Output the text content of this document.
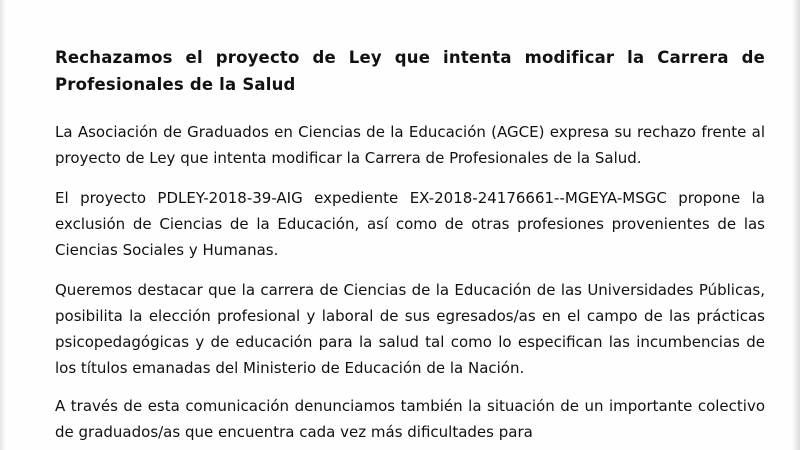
Rechazamos el proyecto de Ley que intenta modificar la Carrera de Profesionales de la Salud

La Asociación de Graduados en Ciencias de la Educación (AGCE) expresa su rechazo frente al proyecto de Ley que intenta modificar la Carrera de Profesionales de la Salud.

El proyecto PDLEY-2018-39-AIG expediente EX-2018-24176661--MGEYA-MSGC propone la exclusión de Ciencias de la Educación, así como de otras profesiones provenientes de las Ciencias Sociales y Humanas.

Queremos destacar que la carrera de Ciencias de la Educación de las Universidades Públicas, posibilita la elección profesional y laboral de sus egresados/as en el campo de las prácticas psicopedagógicas y de educación para la salud tal como lo especifican las incumbencias de los títulos emanadas del Ministerio de Educación de la Nación.

A través de esta comunicación denunciamos también la situación de un importante colectivo de graduados/as que encuentra cada vez más dificultades para
